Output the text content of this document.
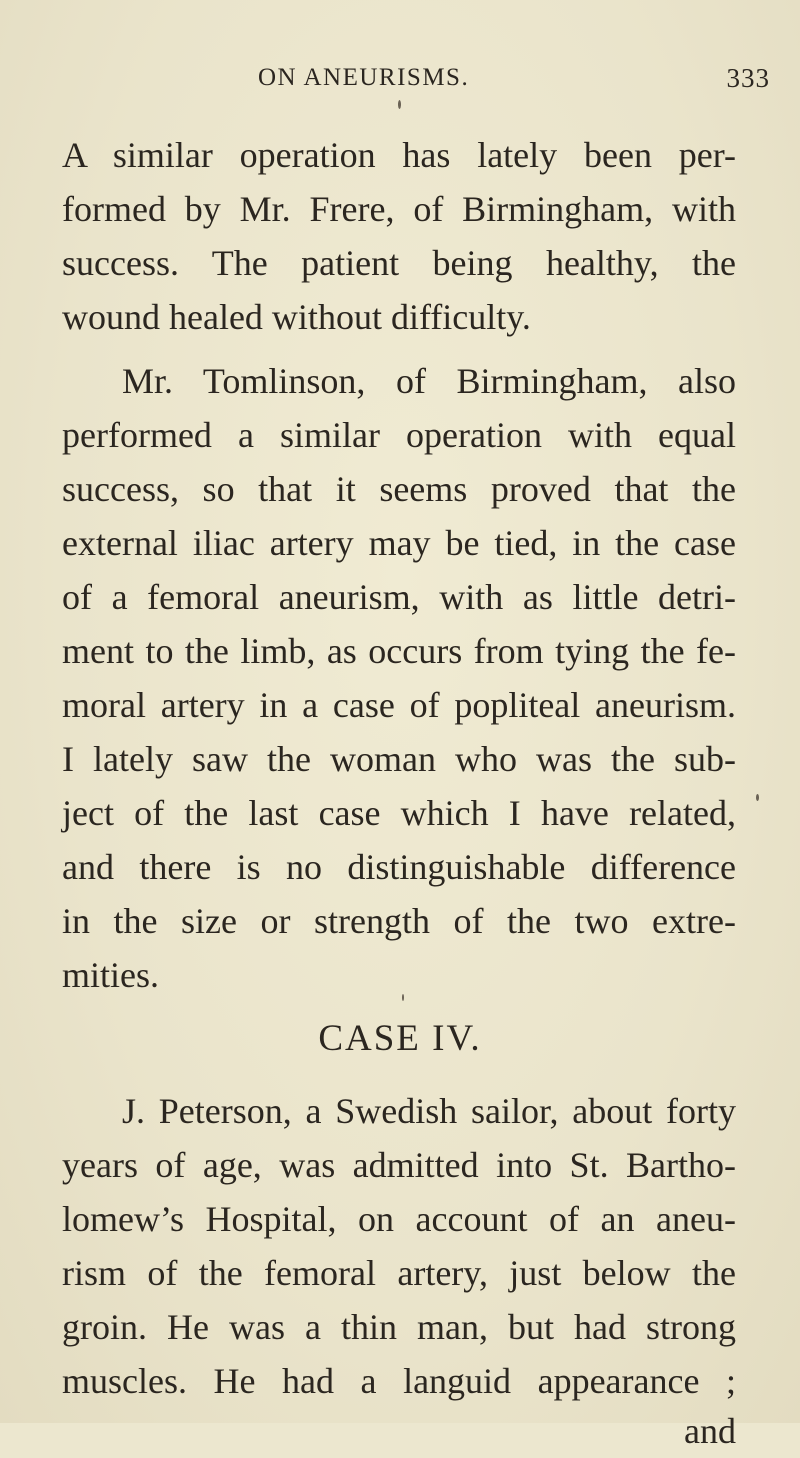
ON ANEURISMS.	333
A similar operation has lately been per-
formed by Mr. Frere, of Birmingham, with
success. The patient being healthy, the
wound healed without difficulty.
Mr. Tomlinson, of Birmingham, also
performed a similar operation with equal
success, so that it seems proved that the
external iliac artery may be tied, in the case
of a femoral aneurism, with as little detri-
ment to the limb, as occurs from tying the fe-
moral artery in a case of popliteal aneurism.
I lately saw the woman who was the sub-
ject of the last case which I have related,
and there is no distinguishable difference
in the size or strength of the two extre-
mities.
CASE IV.
J. Peterson, a Swedish sailor, about forty
years of age, was admitted into St. Bartho-
lomew’s Hospital, on account of an aneu-
rism of the femoral artery, just below the
groin. He was a thin man, but had strong
muscles. He had a languid appearance ;
and
